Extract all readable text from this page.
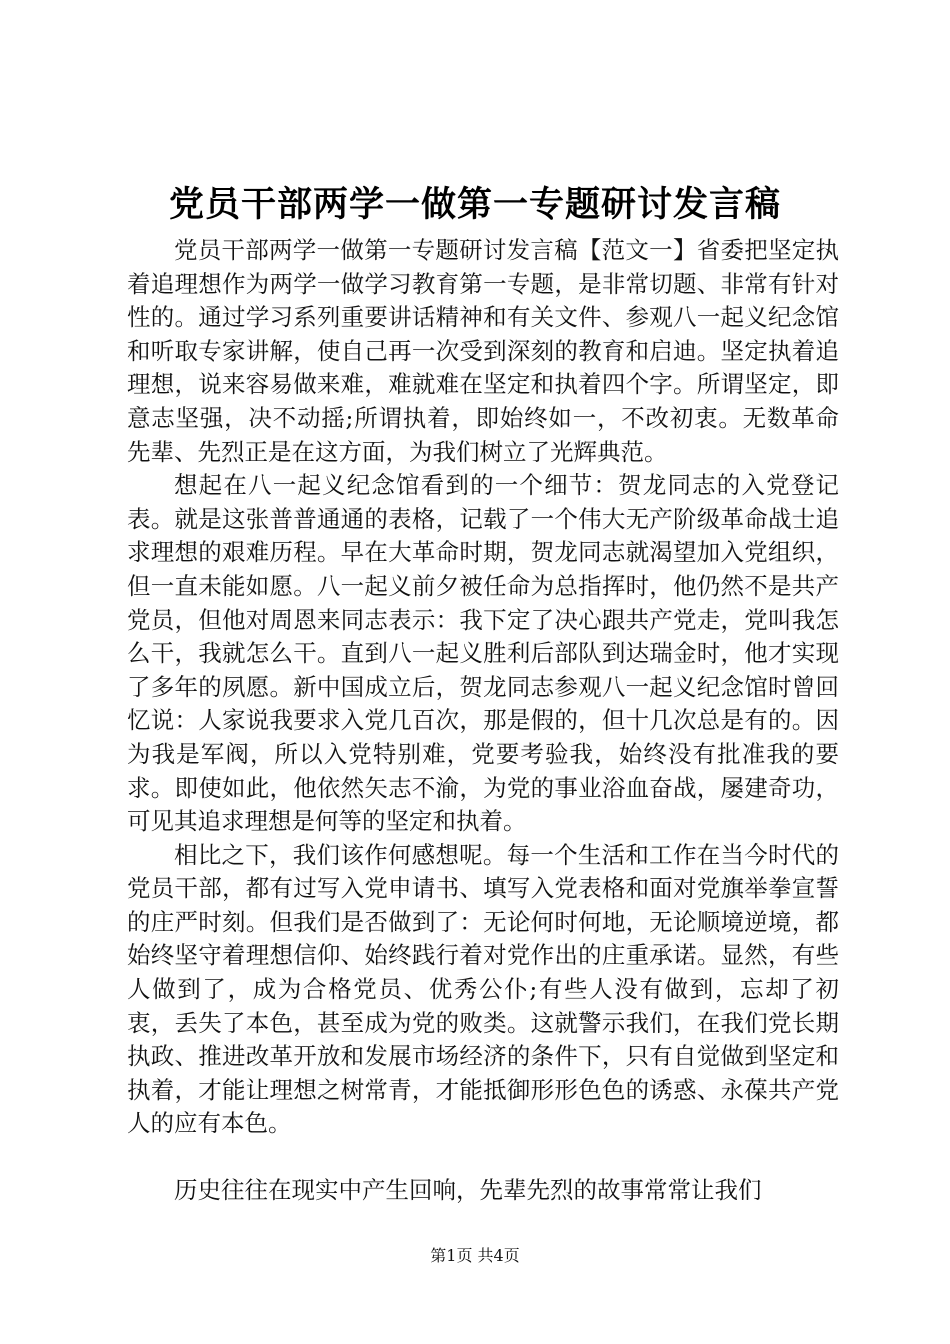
党员干部两学一做第一专题研讨发言稿

党员干部两学一做第一专题研讨发言稿【范文一】省委把坚定执着追理想作为两学一做学习教育第一专题，是非常切题、非常有针对性的。通过学习系列重要讲话精神和有关文件、参观八一起义纪念馆和听取专家讲解，使自己再一次受到深刻的教育和启迪。坚定执着追理想，说来容易做来难，难就难在坚定和执着四个字。所谓坚定，即意志坚强，决不动摇;所谓执着，即始终如一，不改初衷。无数革命先辈、先烈正是在这方面，为我们树立了光辉典范。

想起在八一起义纪念馆看到的一个细节：贺龙同志的入党登记表。就是这张普普通通的表格，记载了一个伟大无产阶级革命战士追求理想的艰难历程。早在大革命时期，贺龙同志就渴望加入党组织，但一直未能如愿。八一起义前夕被任命为总指挥时，他仍然不是共产党员，但他对周恩来同志表示：我下定了决心跟共产党走，党叫我怎么干，我就怎么干。直到八一起义胜利后部队到达瑞金时，他才实现了多年的夙愿。新中国成立后，贺龙同志参观八一起义纪念馆时曾回忆说：人家说我要求入党几百次，那是假的，但十几次总是有的。因为我是军阀，所以入党特别难，党要考验我，始终没有批准我的要求。即使如此，他依然矢志不渝，为党的事业浴血奋战，屡建奇功，可见其追求理想是何等的坚定和执着。

相比之下，我们该作何感想呢。每一个生活和工作在当今时代的党员干部，都有过写入党申请书、填写入党表格和面对党旗举拳宣誓的庄严时刻。但我们是否做到了：无论何时何地，无论顺境逆境，都始终坚守着理想信仰、始终践行着对党作出的庄重承诺。显然，有些人做到了，成为合格党员、优秀公仆;有些人没有做到，忘却了初衷，丢失了本色，甚至成为党的败类。这就警示我们，在我们党长期执政、推进改革开放和发展市场经济的条件下，只有自觉做到坚定和执着，才能让理想之树常青，才能抵御形形色色的诱惑、永葆共产党人的应有本色。

历史往往在现实中产生回响，先辈先烈的故事常常让我们

第1页 共4页
